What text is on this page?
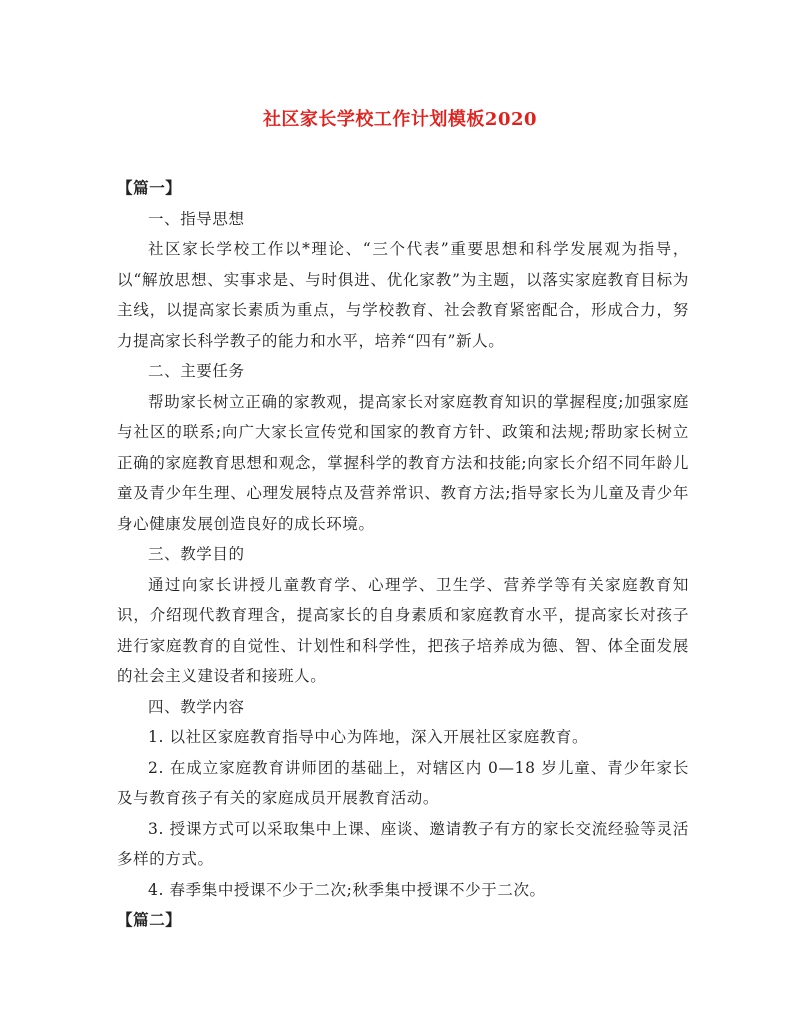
社区家长学校工作计划模板2020

【篇一】

一、指导思想

社区家长学校工作以*理论、“三个代表”重要思想和科学发展观为指导，以“解放思想、实事求是、与时俱进、优化家教”为主题，以落实家庭教育目标为主线，以提高家长素质为重点，与学校教育、社会教育紧密配合，形成合力，努力提高家长科学教子的能力和水平，培养“四有”新人。

二、主要任务

帮助家长树立正确的家教观，提高家长对家庭教育知识的掌握程度;加强家庭与社区的联系;向广大家长宣传党和国家的教育方针、政策和法规;帮助家长树立正确的家庭教育思想和观念，掌握科学的教育方法和技能;向家长介绍不同年龄儿童及青少年生理、心理发展特点及营养常识、教育方法;指导家长为儿童及青少年身心健康发展创造良好的成长环境。

三、教学目的

通过向家长讲授儿童教育学、心理学、卫生学、营养学等有关家庭教育知识，介绍现代教育理含，提高家长的自身素质和家庭教育水平，提高家长对孩子进行家庭教育的自觉性、计划性和科学性，把孩子培养成为德、智、体全面发展的社会主义建设者和接班人。

四、教学内容

1. 以社区家庭教育指导中心为阵地，深入开展社区家庭教育。

2. 在成立家庭教育讲师团的基础上，对辖区内 0—18 岁儿童、青少年家长及与教育孩子有关的家庭成员开展教育活动。

3. 授课方式可以采取集中上课、座谈、邀请教子有方的家长交流经验等灵活多样的方式。

4. 春季集中授课不少于二次;秋季集中授课不少于二次。

【篇二】
